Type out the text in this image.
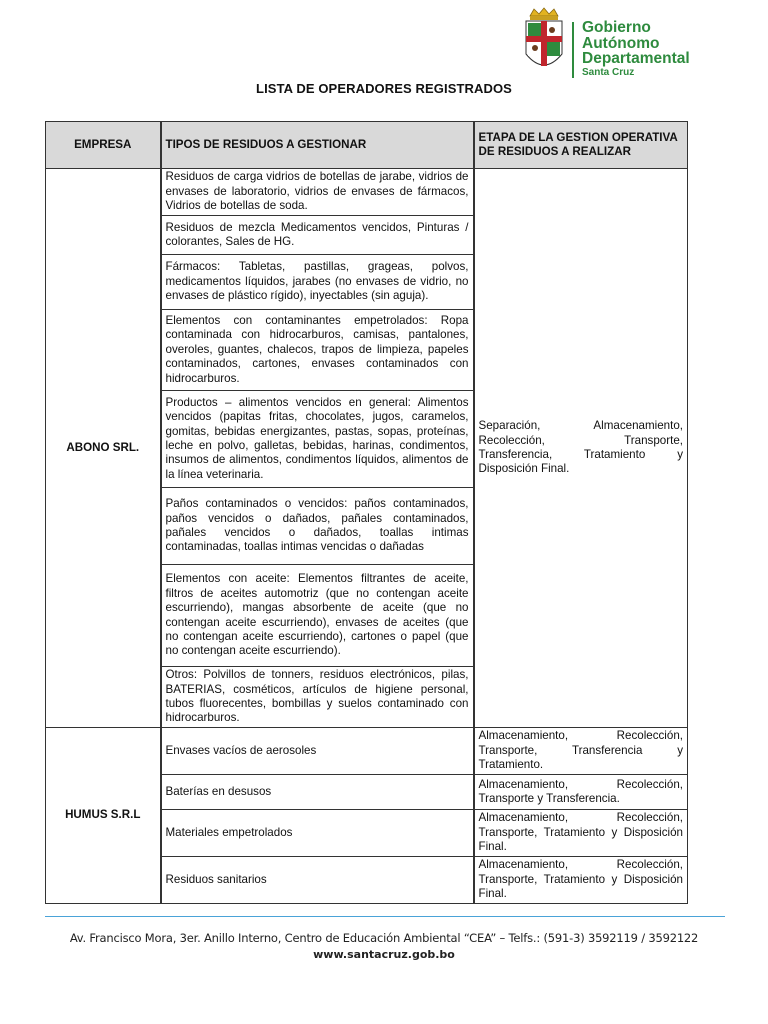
Gobierno
Autónomo
Departamental
Santa Cruz
LISTA DE OPERADORES REGISTRADOS
EMPRESA	TIPOS DE RESIDUOS A GESTIONAR	ETAPA DE LA GESTION OPERATIVA DE RESIDUOS A REALIZAR
ABONO SRL.	Residuos de carga vidrios de botellas de jarabe, vidrios de envases de laboratorio, vidrios de envases de fármacos, Vidrios de botellas de soda.	Separación, Almacenamiento, Recolección, Transporte, Transferencia, Tratamiento y Disposición Final.
	Residuos de mezcla Medicamentos vencidos, Pinturas / colorantes, Sales de HG.	
	Fármacos: Tabletas, pastillas, grageas, polvos, medicamentos líquidos, jarabes (no envases de vidrio, no envases de plástico rígido), inyectables (sin aguja).	
	Elementos con contaminantes empetrolados: Ropa contaminada con hidrocarburos, camisas, pantalones, overoles, guantes, chalecos, trapos de limpieza, papeles contaminados, cartones, envases contaminados con hidrocarburos.	
	Productos – alimentos vencidos en general: Alimentos vencidos (papitas fritas, chocolates, jugos, caramelos, gomitas, bebidas energizantes, pastas, sopas, proteínas, leche en polvo, galletas, bebidas, harinas, condimentos, insumos de alimentos, condimentos líquidos, alimentos de la línea veterinaria.	
	Paños contaminados o vencidos: paños contaminados, paños vencidos o dañados, pañales contaminados, pañales vencidos o dañados, toallas intimas contaminadas, toallas intimas vencidas o dañadas	
	Elementos con aceite: Elementos filtrantes de aceite, filtros de aceites automotriz (que no contengan aceite escurriendo), mangas absorbente de aceite (que no contengan aceite escurriendo), envases de aceites (que no contengan aceite escurriendo), cartones o papel (que no contengan aceite escurriendo).	
	Otros: Polvillos de tonners, residuos electrónicos, pilas, BATERIAS, cosméticos, artículos de higiene personal, tubos fluorecentes, bombillas y suelos contaminado con hidrocarburos.	
HUMUS S.R.L	Envases vacíos de aerosoles	Almacenamiento, Recolección, Transporte, Transferencia y Tratamiento.
	Baterías en desusos	Almacenamiento, Recolección, Transporte y Transferencia.
	Materiales empetrolados	Almacenamiento, Recolección, Transporte, Tratamiento y Disposición Final.
	Residuos sanitarios	Almacenamiento, Recolección, Transporte, Tratamiento y Disposición Final.
Av. Francisco Mora, 3er. Anillo Interno, Centro de Educación Ambiental “CEA” – Telfs.: (591-3) 3592119 / 3592122
www.santacruz.gob.bo
